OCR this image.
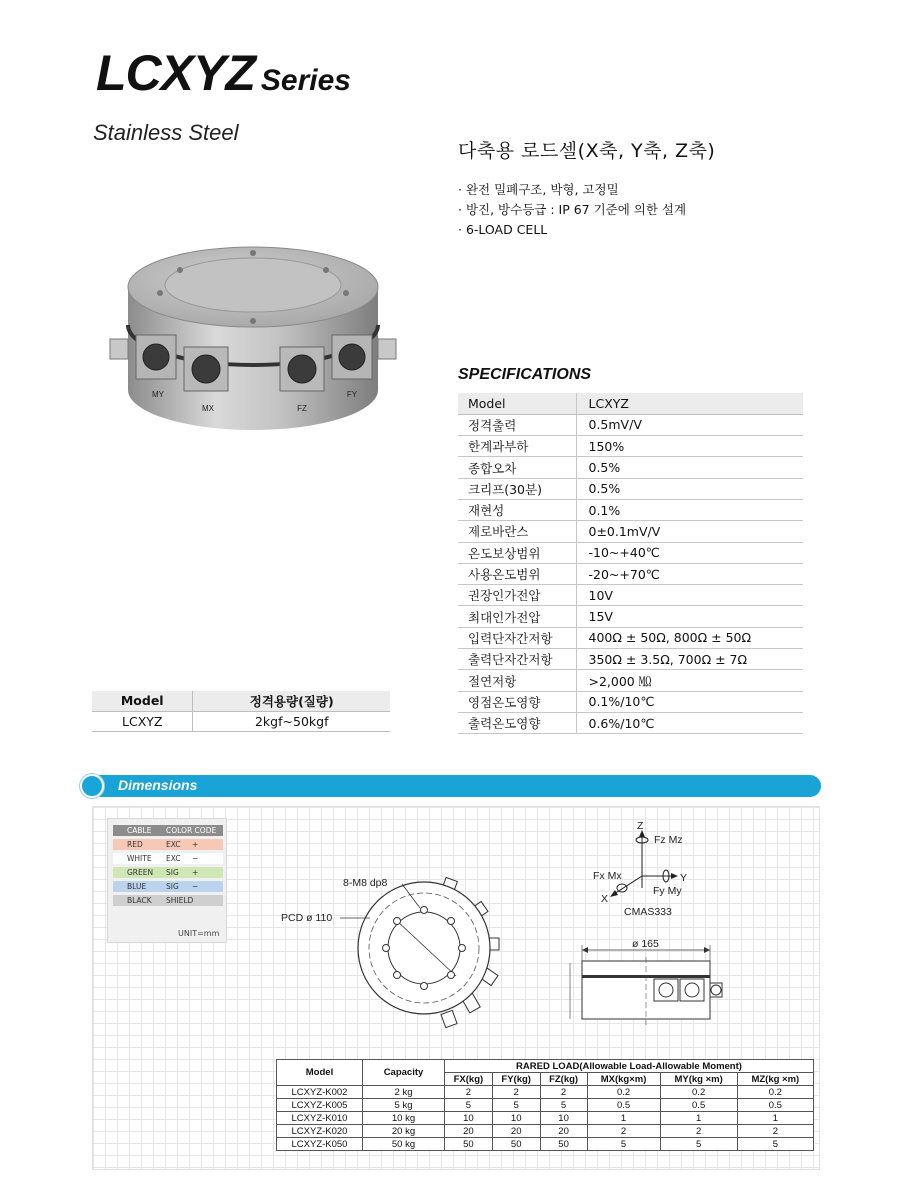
LCXYZ Series
Stainless Steel
다축용 로드셀(X축, Y축, Z축)
· 완전 밀폐구조, 박형, 고정밀
· 방진, 방수등급 : IP 67 기준에 의한 설계
· 6-LOAD CELL
MY
MX	FZ
FY
SPECIFICATIONS
Model	LCXYZ
정격출력	0.5mV/V
한계과부하	150%
종합오차	0.5%
크리프(30분)	0.5%
재현성	0.1%
제로바란스	0±0.1mV/V
온도보상범위	-10~+40℃
사용온도범위	-20~+70℃
권장인가전압	10V
최대인가전압	15V
입력단자간저항	400Ω ± 50Ω, 800Ω ± 50Ω
출력단자간저항	350Ω ± 3.5Ω, 700Ω ± 7Ω
절연저항	>2,000 ㏁
영점온도영향	0.1%/10℃
출력온도영향	0.6%/10℃
Model	정격용량(질량)
LCXYZ	2kgf~50kgf
Dimensions
CABLE COLOR CODE
RED	EXC +
WHITE EXC −
GREEN SIG +
BLUE	SIG −
BLACK SHIELD
UNIT=mm
8-M8 dp8
PCD ø 110
Z
Fz Mz
Fx Mx	Y
Fy My
X
CMAS333
ø 165
Model	Capacity	RARED LOAD(Allowable Load-Allowable Moment)					
		FX(kg)	FY(kg)	FZ(kg)	MX(kg×m)	MY(kg ×m)	MZ(kg ×m)
LCXYZ-K002	2 kg	2	2	2	0.2	0.2	0.2
LCXYZ-K005	5 kg	5	5	5	0.5	0.5	0.5
LCXYZ-K010	10 kg	10	10	10	1	1	1
LCXYZ-K020	20 kg	20	20	20	2	2	2
LCXYZ-K050	50 kg	50	50	50	5	5	5
